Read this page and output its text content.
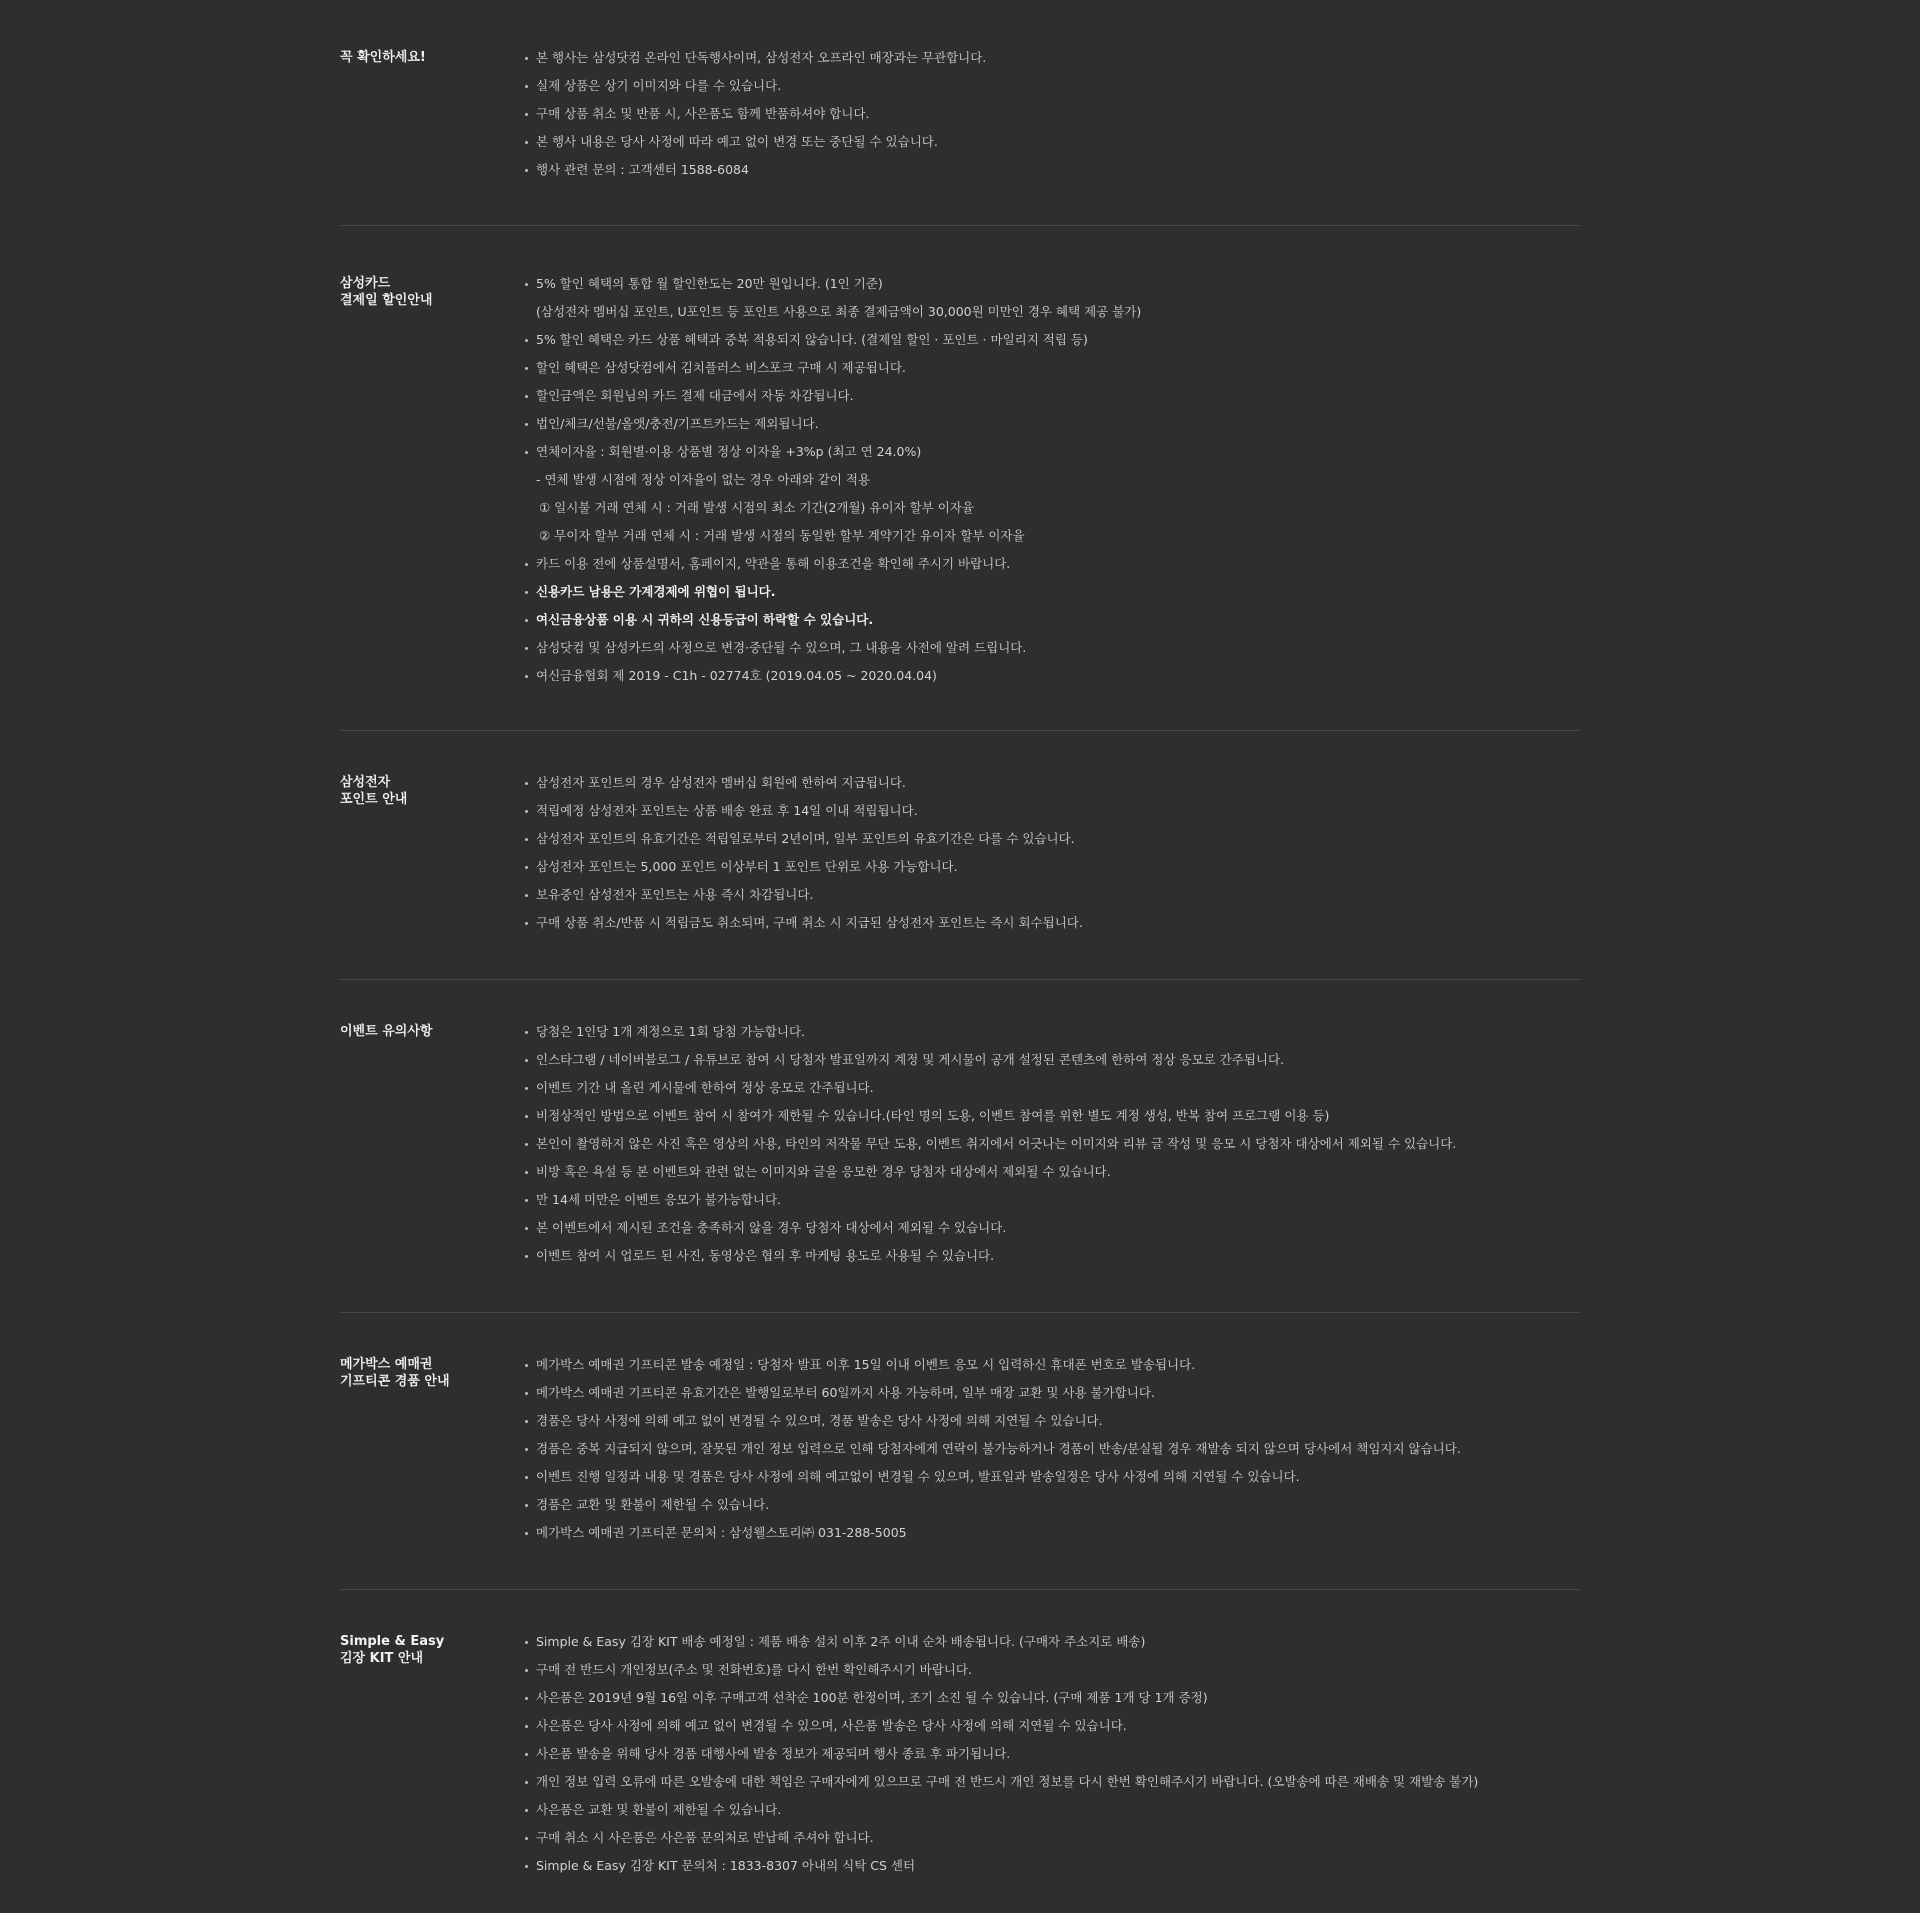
꼭 확인하세요!	본 행사는 삼성닷컴 온라인 단독행사이며, 삼성전자 오프라인 매장과는 무관합니다.
실제 상품은 상기 이미지와 다를 수 있습니다.
구매 상품 취소 및 반품 시, 사은품도 함께 반품하셔야 합니다.
본 행사 내용은 당사 사정에 따라 예고 없이 변경 또는 중단될 수 있습니다.
행사 관련 문의 : 고객센터 1588-6084
삼성카드
결제일 할인안내
5% 할인 혜택의 통합 월 할인한도는 20만 원입니다. (1인 기준)
(삼성전자 멤버십 포인트, U포인트 등 포인트 사용으로 최종 결제금액이 30,000원 미만인 경우 혜택 제공 불가)
5% 할인 혜택은 카드 상품 혜택과 중복 적용되지 않습니다. (결제일 할인 · 포인트 · 마일리지 적립 등)
할인 혜택은 삼성닷컴에서 김치플러스 비스포크 구매 시 제공됩니다.
할인금액은 회원님의 카드 결제 대금에서 자동 차감됩니다.
법인/체크/선불/올앳/충전/기프트카드는 제외됩니다.
연체이자율 : 회원별·이용 상품별 정상 이자율 +3%p (최고 연 24.0%)
- 연체 발생 시점에 정상 이자율이 없는 경우 아래와 같이 적용
① 일시불 거래 연체 시 : 거래 발생 시점의 최소 기간(2개월) 유이자 할부 이자율
② 무이자 할부 거래 연체 시 : 거래 발생 시점의 동일한 할부 계약기간 유이자 할부 이자율
카드 이용 전에 상품설명서, 홈페이지, 약관을 통해 이용조건을 확인해 주시기 바랍니다.
신용카드 남용은 가계경제에 위협이 됩니다.
여신금융상품 이용 시 귀하의 신용등급이 하락할 수 있습니다.
삼성닷컴 및 삼성카드의 사정으로 변경·중단될 수 있으며, 그 내용을 사전에 알려 드립니다.
여신금융협회 제 2019 - C1h - 02774호 (2019.04.05 ~ 2020.04.04)
삼성전자
포인트 안내
삼성전자 포인트의 경우 삼성전자 멤버십 회원에 한하여 지급됩니다.
적립예정 삼성전자 포인트는 상품 배송 완료 후 14일 이내 적립됩니다.
삼성전자 포인트의 유효기간은 적립일로부터 2년이며, 일부 포인트의 유효기간은 다를 수 있습니다.
삼성전자 포인트는 5,000 포인트 이상부터 1 포인트 단위로 사용 가능합니다.
보유중인 삼성전자 포인트는 사용 즉시 차감됩니다.
구매 상품 취소/반품 시 적립금도 취소되며, 구매 취소 시 지급된 삼성전자 포인트는 즉시 회수됩니다.
이벤트 유의사항	당첨은 1인당 1개 계정으로 1회 당첨 가능합니다.
인스타그램 / 네이버블로그 / 유튜브로 참여 시 당첨자 발표일까지 계정 및 게시물이 공개 설정된 콘텐츠에 한하여 정상 응모로 간주됩니다.
이벤트 기간 내 올린 게시물에 한하여 정상 응모로 간주됩니다.
비정상적인 방법으로 이벤트 참여 시 참여가 제한될 수 있습니다.(타인 명의 도용, 이벤트 참여를 위한 별도 계정 생성, 반복 참여 프로그램 이용 등)
본인이 촬영하지 않은 사진 혹은 영상의 사용, 타인의 저작물 무단 도용, 이벤트 취지에서 어긋나는 이미지와 리뷰 글 작성 및 응모 시 당첨자 대상에서 제외될 수 있습니다.
비방 혹은 욕설 등 본 이벤트와 관련 없는 이미지와 글을 응모한 경우 당첨자 대상에서 제외될 수 있습니다.
만 14세 미만은 이벤트 응모가 불가능합니다.
본 이벤트에서 제시된 조건을 충족하지 않을 경우 당첨자 대상에서 제외될 수 있습니다.
이벤트 참여 시 업로드 된 사진, 동영상은 협의 후 마케팅 용도로 사용될 수 있습니다.
메가박스 예매권
기프티콘 경품 안내
메가박스 예매권 기프티콘 발송 예정일 : 당첨자 발표 이후 15일 이내 이벤트 응모 시 입력하신 휴대폰 번호로 발송됩니다.
메가박스 예매권 기프티콘 유효기간은 발행일로부터 60일까지 사용 가능하며, 일부 매장 교환 및 사용 불가합니다.
경품은 당사 사정에 의해 예고 없이 변경될 수 있으며, 경품 발송은 당사 사정에 의해 지연될 수 있습니다.
경품은 중복 지급되지 않으며, 잘못된 개인 정보 입력으로 인해 당첨자에게 연락이 불가능하거나 경품이 반송/분실될 경우 재발송 되지 않으며 당사에서 책임지지 않습니다.
이벤트 진행 일정과 내용 및 경품은 당사 사정에 의해 예고없이 변경될 수 있으며, 발표일과 발송일정은 당사 사정에 의해 지연될 수 있습니다.
경품은 교환 및 환불이 제한될 수 있습니다.
메가박스 예매권 기프티콘 문의처 : 삼성웰스토리㈜ 031-288-5005
Simple & Easy
김장 KIT 안내
Simple & Easy 김장 KIT 배송 예정일 : 제품 배송 설치 이후 2주 이내 순차 배송됩니다. (구매자 주소지로 배송)
구매 전 반드시 개인정보(주소 및 전화번호)를 다시 한번 확인해주시기 바랍니다.
사은품은 2019년 9월 16일 이후 구매고객 선착순 100분 한정이며, 조기 소진 될 수 있습니다. (구매 제품 1개 당 1개 증정)
사은품은 당사 사정에 의해 예고 없이 변경될 수 있으며, 사은품 발송은 당사 사정에 의해 지연될 수 있습니다.
사은품 발송을 위해 당사 경품 대행사에 발송 정보가 제공되며 행사 종료 후 파기됩니다.
개인 정보 입력 오류에 따른 오발송에 대한 책임은 구매자에게 있으므로 구매 전 반드시 개인 정보를 다시 한번 확인해주시기 바랍니다. (오발송에 따른 재배송 및 재발송 불가)
사은품은 교환 및 환불이 제한될 수 있습니다.
구매 취소 시 사은품은 사은품 문의처로 반납해 주셔야 합니다.
Simple & Easy 김장 KIT 문의처 : 1833-8307 아내의 식탁 CS 센터
